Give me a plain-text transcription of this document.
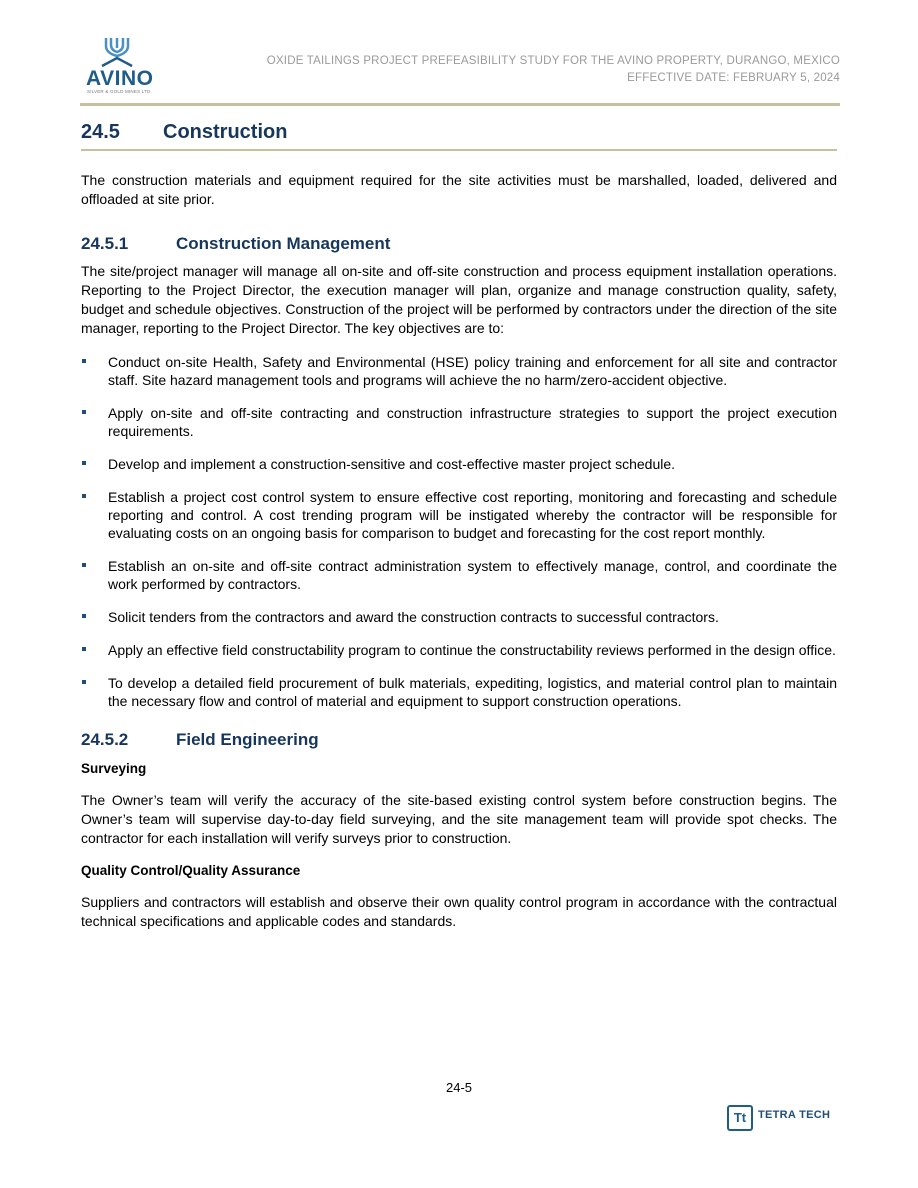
AVINO
SILVER & GOLD MINES LTD.
OXIDE TAILINGS PROJECT PREFEASIBILITY STUDY FOR THE AVINO PROPERTY, DURANGO, MEXICO
EFFECTIVE DATE: FEBRUARY 5, 2024
24.5 Construction

The construction materials and equipment required for the site activities must be marshalled, loaded, delivered and offloaded at site prior.

24.5.1	Construction Management

The site/project manager will manage all on-site and off-site construction and process equipment installation operations. Reporting to the Project Director, the execution manager will plan, organize and manage construction quality, safety, budget and schedule objectives. Construction of the project will be performed by contractors under the direction of the site manager, reporting to the Project Director. The key objectives are to:

Conduct on-site Health, Safety and Environmental (HSE) policy training and enforcement for all site and contractor staff. Site hazard management tools and programs will achieve the no harm/zero-accident objective.
Apply on-site and off-site contracting and construction infrastructure strategies to support the project execution requirements.
Develop and implement a construction-sensitive and cost-effective master project schedule.
Establish a project cost control system to ensure effective cost reporting, monitoring and forecasting and schedule reporting and control. A cost trending program will be instigated whereby the contractor will be responsible for evaluating costs on an ongoing basis for comparison to budget and forecasting for the cost report monthly.
Establish an on-site and off-site contract administration system to effectively manage, control, and coordinate the work performed by contractors.
Solicit tenders from the contractors and award the construction contracts to successful contractors.
Apply an effective field constructability program to continue the constructability reviews performed in the design office.
To develop a detailed field procurement of bulk materials, expediting, logistics, and material control plan to maintain the necessary flow and control of material and equipment to support construction operations.
24.5.2	Field Engineering
Surveying

The Owner’s team will verify the accuracy of the site-based existing control system before construction begins. The Owner’s team will supervise day-to-day field surveying, and the site management team will provide spot checks. The contractor for each installation will verify surveys prior to construction.

Quality Control/Quality Assurance

Suppliers and contractors will establish and observe their own quality control program in accordance with the contractual technical specifications and applicable codes and standards.

24-5
Tt	TETRA TECH
